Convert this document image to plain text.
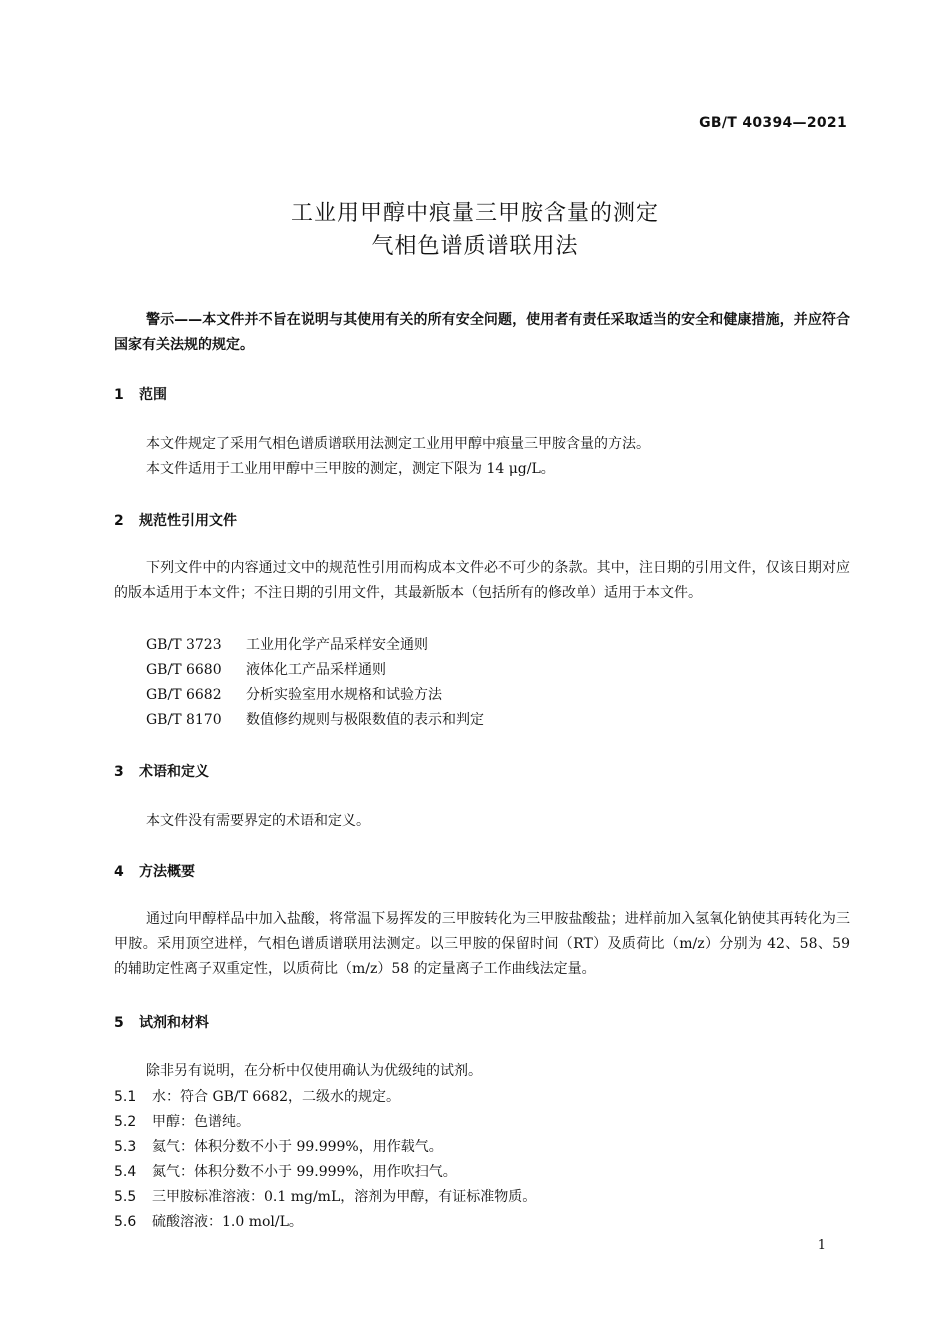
GB/T 40394—2021
工业用甲醇中痕量三甲胺含量的测定
气相色谱质谱联用法
警示——本文件并不旨在说明与其使用有关的所有安全问题，使用者有责任采取适当的安全和健康措施，并应符合国家有关法规的规定。
1 范围
本文件规定了采用气相色谱质谱联用法测定工业用甲醇中痕量三甲胺含量的方法。
本文件适用于工业用甲醇中三甲胺的测定，测定下限为 14 μg/L。
2 规范性引用文件
下列文件中的内容通过文中的规范性引用而构成本文件必不可少的条款。其中，注日期的引用文件，仅该日期对应的版本适用于本文件；不注日期的引用文件，其最新版本（包括所有的修改单）适用于本文件。
GB/T 3723 工业用化学产品采样安全通则
GB/T 6680 液体化工产品采样通则
GB/T 6682 分析实验室用水规格和试验方法
GB/T 8170 数值修约规则与极限数值的表示和判定
3 术语和定义
本文件没有需要界定的术语和定义。
4 方法概要
通过向甲醇样品中加入盐酸，将常温下易挥发的三甲胺转化为三甲胺盐酸盐；进样前加入氢氧化钠使其再转化为三甲胺。采用顶空进样，气相色谱质谱联用法测定。以三甲胺的保留时间（RT）及质荷比（m/z）分别为 42、58、59 的辅助定性离子双重定性，以质荷比（m/z）58 的定量离子工作曲线法定量。
5 试剂和材料
除非另有说明，在分析中仅使用确认为优级纯的试剂。
5.1 水：符合 GB/T 6682，二级水的规定。
5.2 甲醇：色谱纯。
5.3 氦气：体积分数不小于 99.999%，用作载气。
5.4 氮气：体积分数不小于 99.999%，用作吹扫气。
5.5 三甲胺标准溶液：0.1 mg/mL，溶剂为甲醇，有证标准物质。
5.6 硫酸溶液：1.0 mol/L。
1
